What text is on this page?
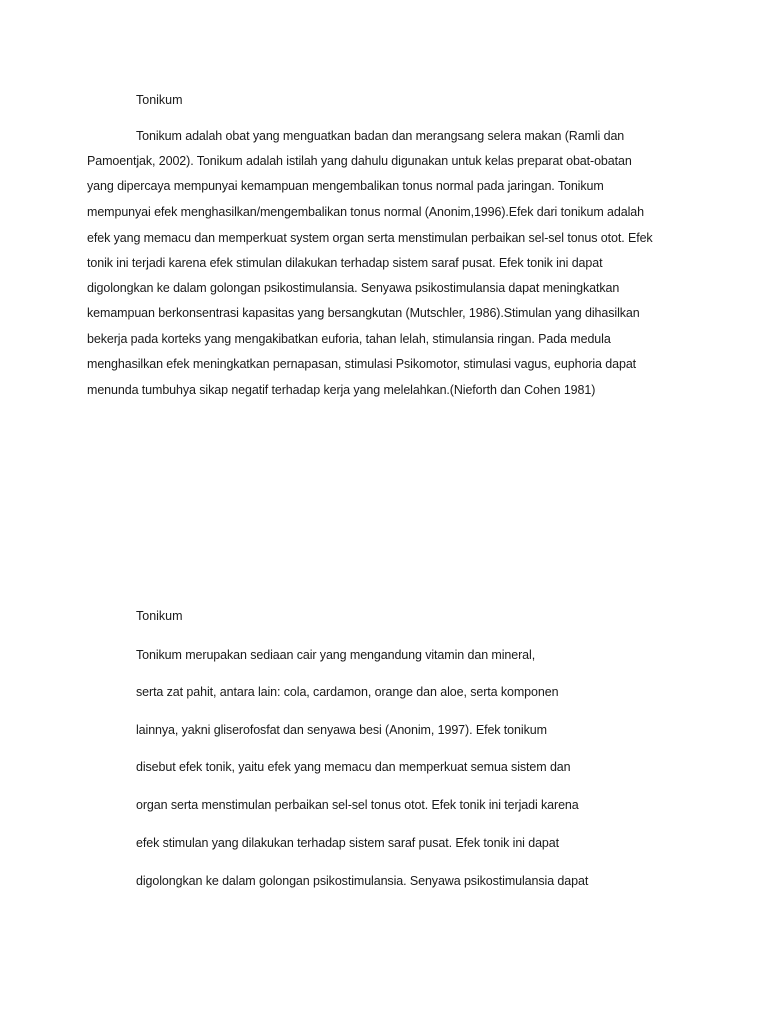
Tonikum
Tonikum adalah obat yang menguatkan badan dan merangsang selera makan (Ramli dan
Pamoentjak, 2002). Tonikum adalah istilah yang dahulu digunakan untuk kelas preparat obat-obatan
yang dipercaya mempunyai kemampuan mengembalikan tonus normal pada jaringan. Tonikum
mempunyai efek menghasilkan/mengembalikan tonus normal (Anonim,1996).Efek dari tonikum adalah
efek yang memacu dan memperkuat system organ serta menstimulan perbaikan sel-sel tonus otot. Efek
tonik ini terjadi karena efek stimulan dilakukan terhadap sistem saraf pusat. Efek tonik ini dapat
digolongkan ke dalam golongan psikostimulansia. Senyawa psikostimulansia dapat meningkatkan
kemampuan berkonsentrasi kapasitas yang bersangkutan (Mutschler, 1986).Stimulan yang dihasilkan
bekerja pada korteks yang mengakibatkan euforia, tahan lelah, stimulansia ringan. Pada medula
menghasilkan efek meningkatkan pernapasan, stimulasi Psikomotor, stimulasi vagus, euphoria dapat
menunda tumbuhya sikap negatif terhadap kerja yang melelahkan.(Nieforth dan Cohen 1981)
Tonikum
Tonikum merupakan sediaan cair yang mengandung vitamin dan mineral,
serta zat pahit, antara lain: cola, cardamon, orange dan aloe, serta komponen
lainnya, yakni gliserofosfat dan senyawa besi (Anonim, 1997). Efek tonikum
disebut efek tonik, yaitu efek yang memacu dan memperkuat semua sistem dan
organ serta menstimulan perbaikan sel-sel tonus otot. Efek tonik ini terjadi karena
efek stimulan yang dilakukan terhadap sistem saraf pusat. Efek tonik ini dapat
digolongkan ke dalam golongan psikostimulansia. Senyawa psikostimulansia dapat
